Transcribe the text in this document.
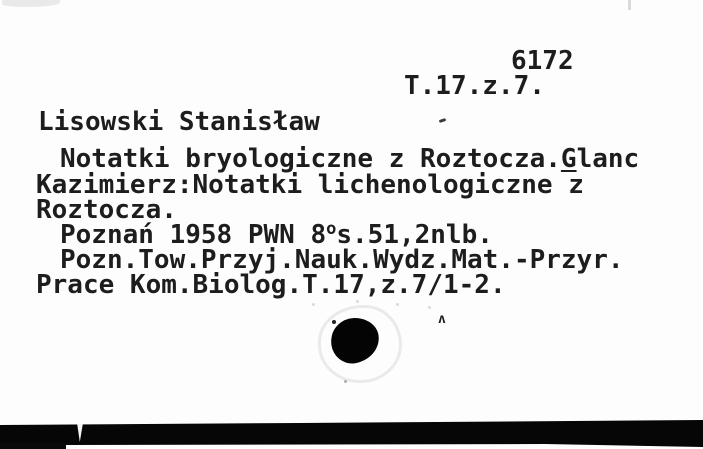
6172
T.17.z.7.
Lisowski Stanisław
Notatki bryologiczne z Roztocza.Glanc
Kazimierz:Notatki lichenologiczne z
Roztocza.
Poznań 1958 PWN 8$^o$s.51,2nlb.
Pozn.Tow.Przyj.Nauk.Wydz.Mat.-Przyr.
Prace Kom.Biolog.T.17,z.7/1-2.
ʌ
